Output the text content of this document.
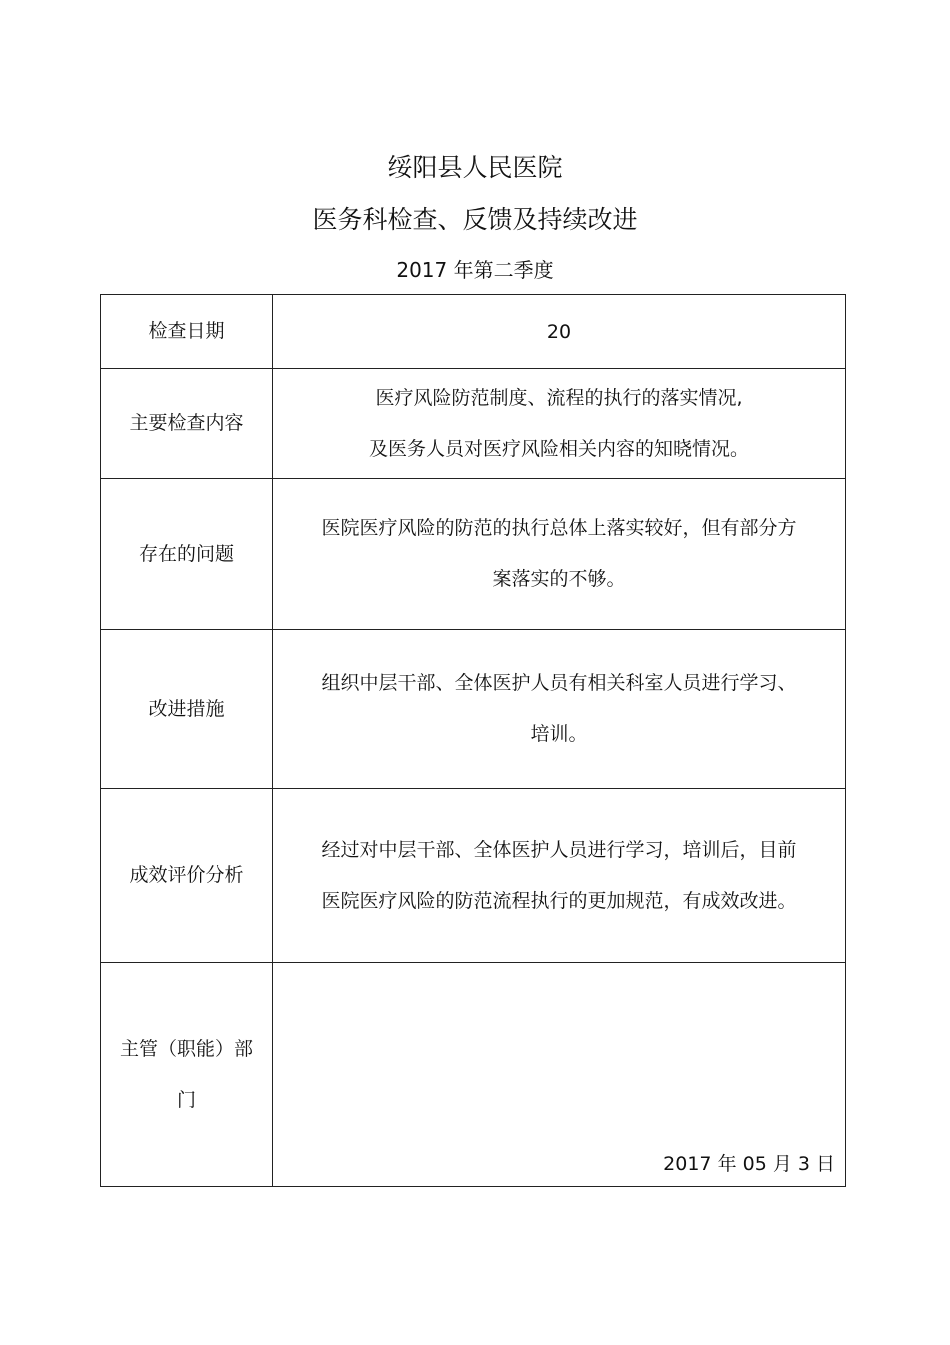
绥阳县人民医院
医务科检查、反馈及持续改进
2017 年第二季度
检查日期	20
主要检查内容	医疗风险防范制度、流程的执行的落实情况,
及医务人员对医疗风险相关内容的知晓情况。

存在的问题	医院医疗风险的防范的执行总体上落实较好，但有部分方
案落实的不够。

改进措施	组织中层干部、全体医护人员有相关科室人员进行学习、
培训。

成效评价分析	经过对中层干部、全体医护人员进行学习，培训后，目前
医院医疗风险的防范流程执行的更加规范，有成效改进。

主管（职能）部
门	2017 年 05 月 3 日
